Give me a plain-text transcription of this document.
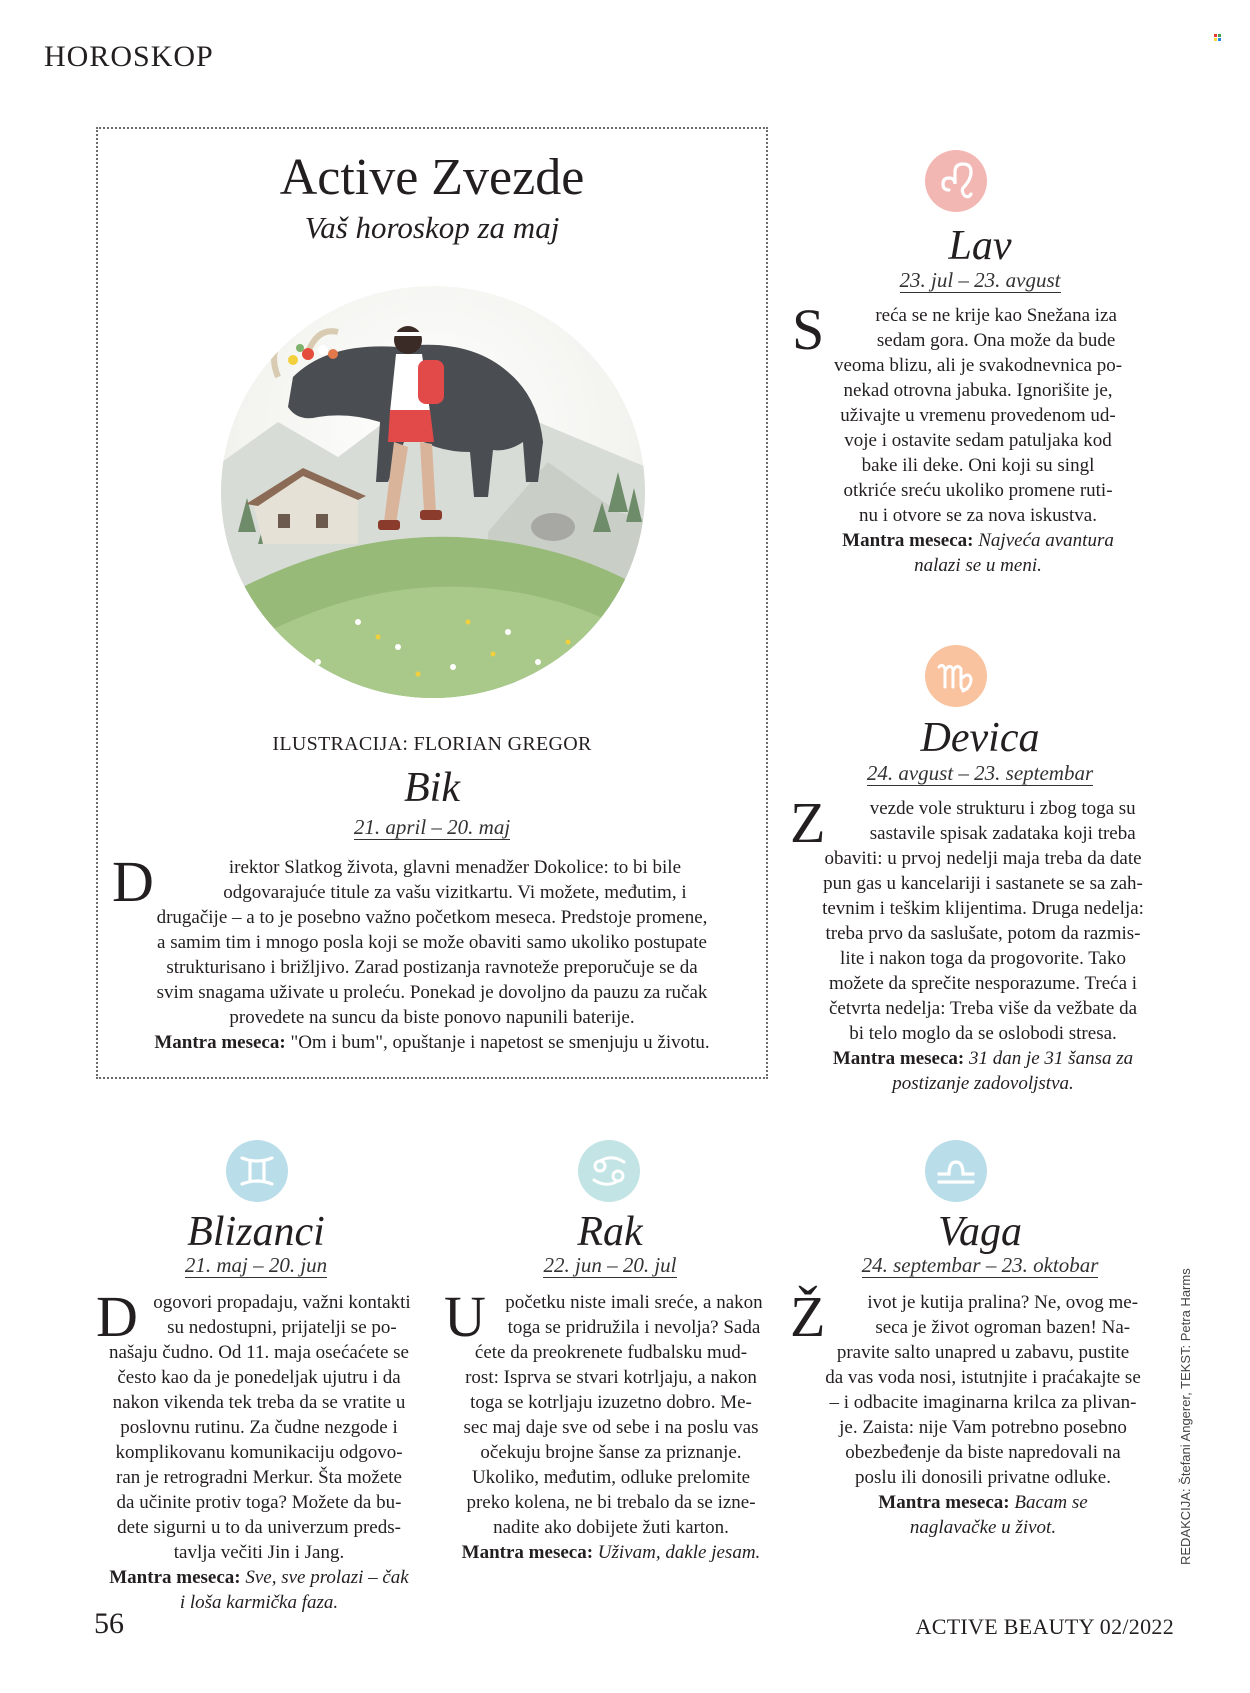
HOROSKOP
Active Zvezde
Vaš horoskop za maj
ILUSTRACIJA: FLORIAN GREGOR
Bik
21. april – 20. maj
D	irektor Slatkog života, glavni menadžer Dokolice: to bi bile
odgovarajuće titule za vašu vizitkartu. Vi možete, međutim, i
drugačije – a to je posebno važno početkom meseca. Predstoje promene,
a samim tim i mnogo posla koji se može obaviti samo ukoliko postupate
strukturisano i brižljivo. Zarad postizanja ravnoteže preporučuje se da
svim snagama uživate u proleću. Ponekad je dovoljno da pauzu za ručak
provedete na suncu da biste ponovo napunili baterije.
Mantra meseca: "Om i bum", opuštanje i napetost se smenjuju u životu.
Lav
23. jul – 23. avgust
S	reća se ne krije kao Snežana iza
sedam gora. Ona može da bude
veoma blizu, ali je svakodnevnica po-
nekad otrovna jabuka. Ignorišite je,
uživajte u vremenu provedenom ud-
voje i ostavite sedam patuljaka kod
bake ili deke. Oni koji su singl
otkriće sreću ukoliko promene ruti-
nu i otvore se za nova iskustva.
Mantra meseca: Najveća avantura
nalazi se u meni.
Devica
24. avgust – 23. septembar
Z	vezde vole strukturu i zbog toga su
sastavile spisak zadataka koji treba
obaviti: u prvoj nedelji maja treba da date
pun gas u kancelariji i sastanete se sa zah-
tevnim i teškim klijentima. Druga nedelja:
treba prvo da saslušate, potom da razmis-
lite i nakon toga da progovorite. Tako
možete da sprečite nesporazume. Treća i
četvrta nedelja: Treba više da vežbate da
bi telo moglo da se oslobodi stresa.
Mantra meseca: 31 dan je 31 šansa za
postizanje zadovoljstva.
Blizanci
21. maj – 20. jun
D ogovori propadaju, važni kontakti
su nedostupni, prijatelji se po-
našaju čudno. Od 11. maja osećaćete se
često kao da je ponedeljak ujutru i da
nakon vikenda tek treba da se vratite u
poslovnu rutinu. Za čudne nezgode i
komplikovanu komunikaciju odgovo-
ran je retrogradni Merkur. Šta možete
da učinite protiv toga? Možete da bu-
dete sigurni u to da univerzum preds-
tavlja večiti Jin i Jang.
Mantra meseca: Sve, sve prolazi – čak
i loša karmička faza.
Rak
22. jun – 20. jul
U	početku niste imali sreće, a nakon
toga se pridružila i nevolja? Sada
ćete da preokrenete fudbalsku mud-
rost: Isprva se stvari kotrljaju, a nakon
toga se kotrljaju izuzetno dobro. Me-
sec maj daje sve od sebe i na poslu vas
očekuju brojne šanse za priznanje.
Ukoliko, međutim, odluke prelomite
preko kolena, ne bi trebalo da se izne-
nadite ako dobijete žuti karton.
Mantra meseca: Uživam, dakle jesam.
Vaga
24. septembar – 23. oktobar
Ž	ivot je kutija pralina? Ne, ovog me-
seca je život ogroman bazen! Na-
pravite salto unapred u zabavu, pustite
da vas voda nosi, istutnjite i praćakajte se
– i odbacite imaginarna krilca za plivan-
je. Zaista: nije Vam potrebno posebno
obezbeđenje da biste napredovali na
poslu ili donosili privatne odluke.
Mantra meseca: Bacam se
naglavačke u život.
56	ACTIVE BEAUTY 02/2022
REDAKCIJA: Štefani Angerer, TEKST: Petra Harms
